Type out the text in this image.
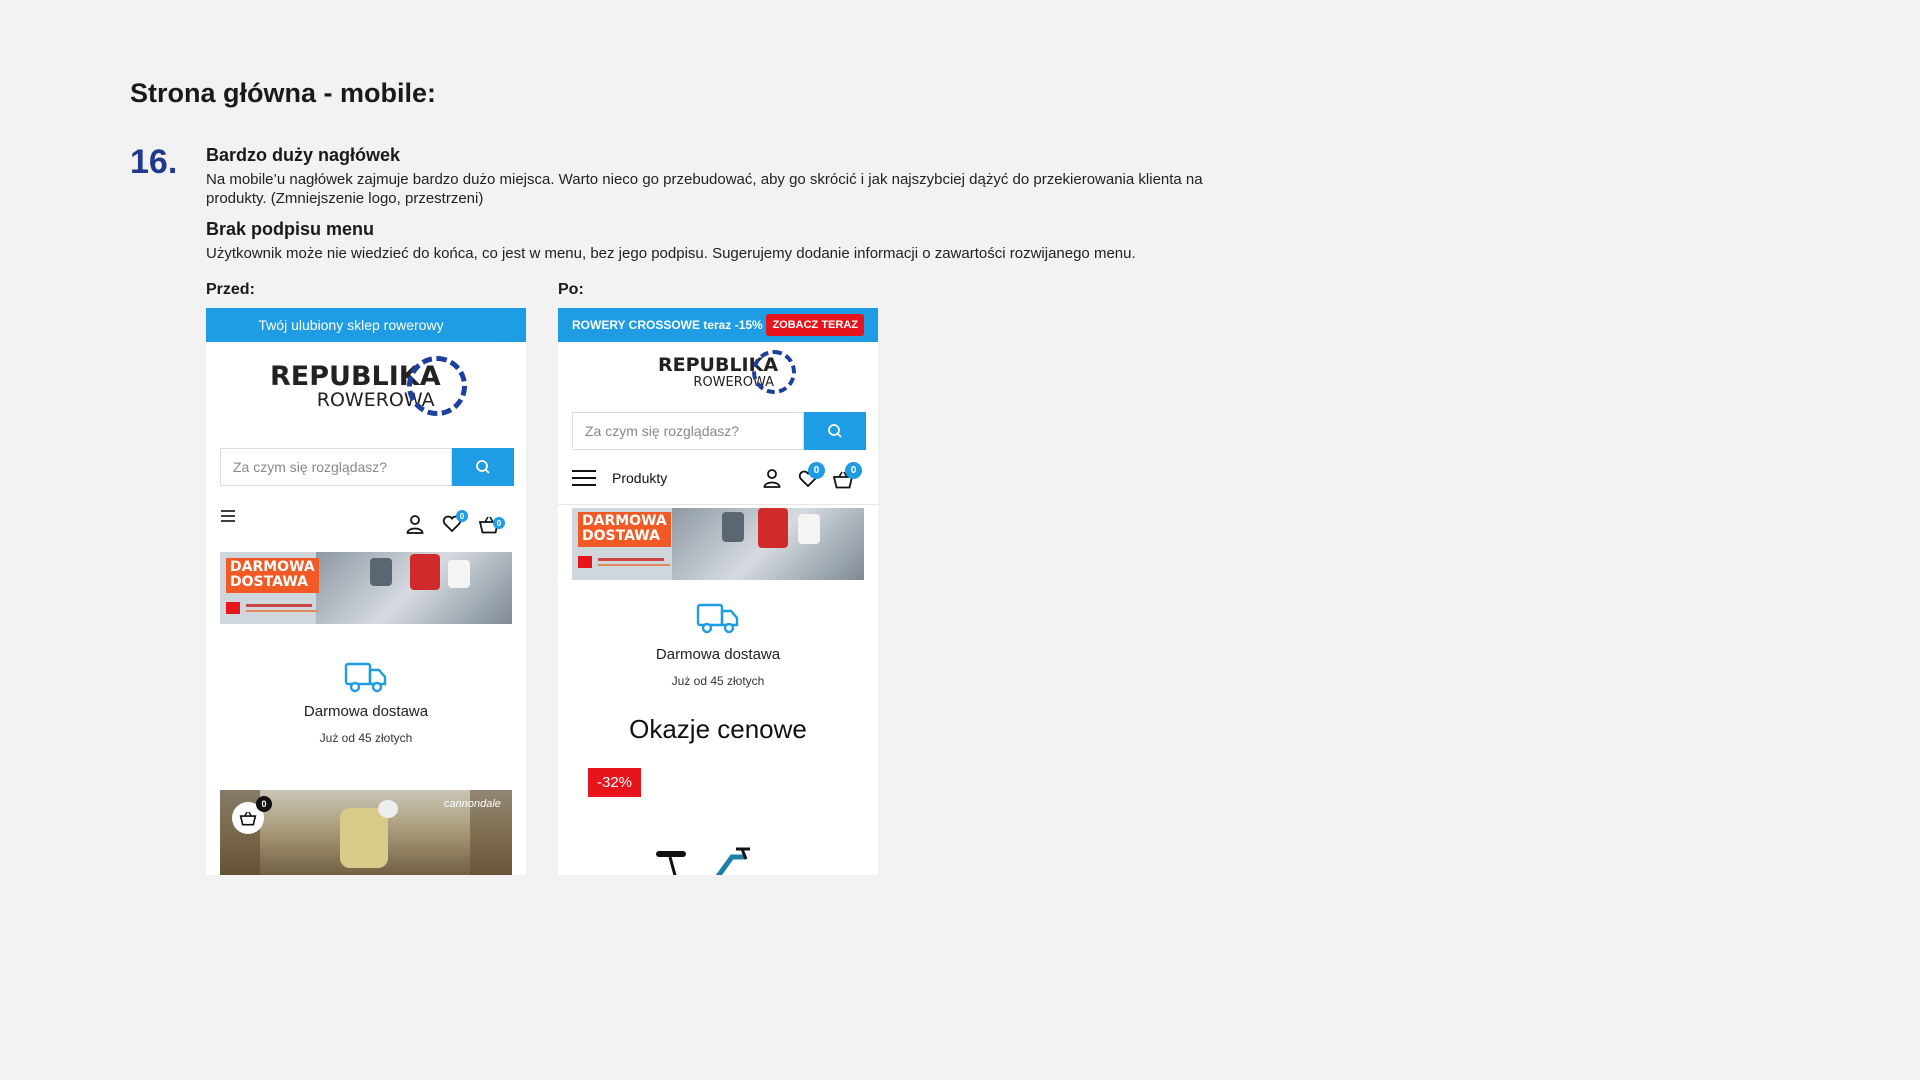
Strona główna - mobile:
16. Bardzo duży nagłówek

Na mobile’u nagłówek zajmuje bardzo dużo miejsca. Warto nieco go przebudować, aby go skrócić i jak najszybciej dążyć do przekierowania klienta na produkty. (Zmniejszenie logo, przestrzeni)

Brak podpisu menu

Użytkownik może nie wiedzieć do końca, co jest w menu, bez jego podpisu. Sugerujemy dodanie informacji o zawartości rozwijanego menu.

Przed:	Po:
Twój ulubiony sklep rowerowy
REPUBLIKA
ROWEROWA
Za czym się rozglądasz?
0
0
DARMOWA
DOSTAWA
Darmowa dostawa
Już od 45 złotych
cannondale
0
ROWERY CROSSOWE teraz -15% ZOBACZ TERAZ
REPUBLIKA
ROWEROWA
Za czym się rozglądasz?
Produkty	0	0
DARMOWA
DOSTAWA
Darmowa dostawa
Już od 45 złotych
Okazje cenowe
-32%
